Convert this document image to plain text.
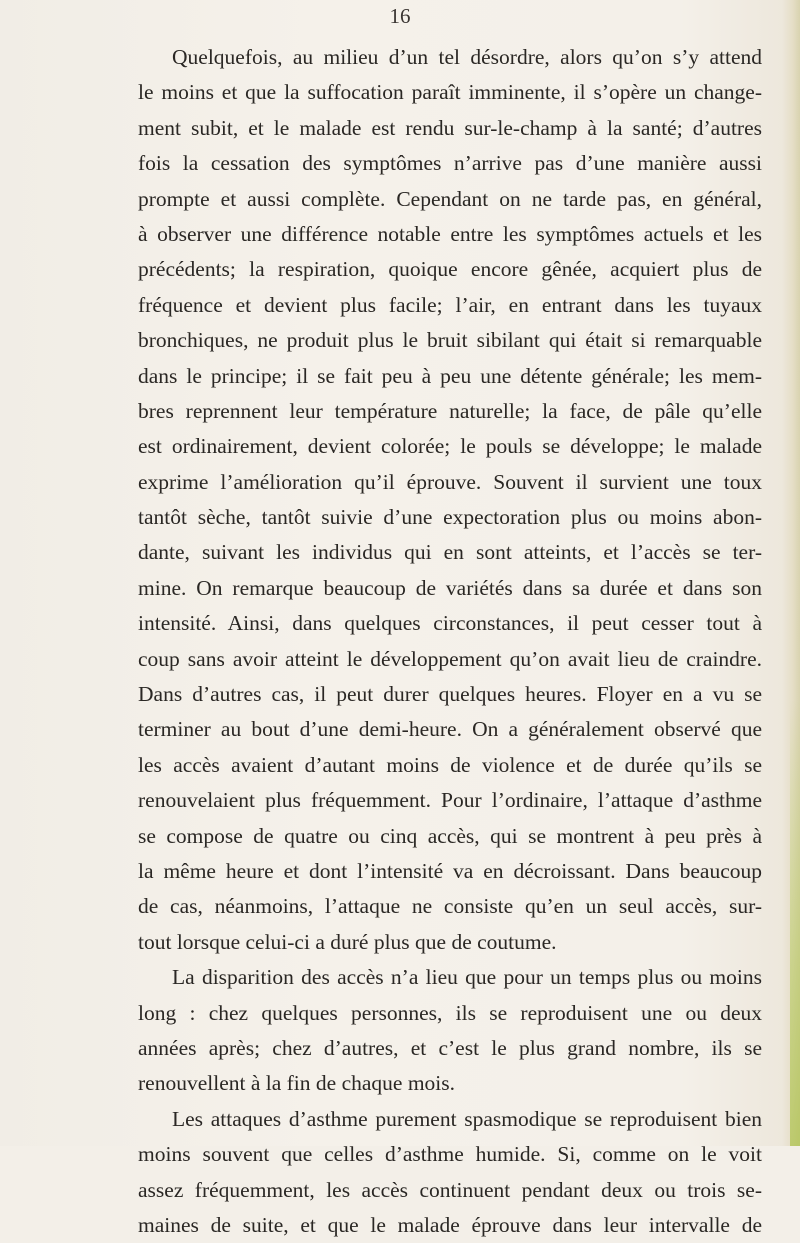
16
Quelquefois, au milieu d’un tel désordre, alors qu’on s’y attend
le moins et que la suffocation paraît imminente, il s’opère un change-
ment subit, et le malade est rendu sur-le-champ à la santé; d’autres
fois la cessation des symptômes n’arrive pas d’une manière aussi
prompte et aussi complète. Cependant on ne tarde pas, en général,
à observer une différence notable entre les symptômes actuels et les
précédents; la respiration, quoique encore gênée, acquiert plus de
fréquence et devient plus facile; l’air, en entrant dans les tuyaux
bronchiques, ne produit plus le bruit sibilant qui était si remarquable
dans le principe; il se fait peu à peu une détente générale; les mem-
bres reprennent leur température naturelle; la face, de pâle qu’elle
est ordinairement, devient colorée; le pouls se développe; le malade
exprime l’amélioration qu’il éprouve. Souvent il survient une toux
tantôt sèche, tantôt suivie d’une expectoration plus ou moins abon-
dante, suivant les individus qui en sont atteints, et l’accès se ter-
mine. On remarque beaucoup de variétés dans sa durée et dans son
intensité. Ainsi, dans quelques circonstances, il peut cesser tout à
coup sans avoir atteint le développement qu’on avait lieu de craindre.
Dans d’autres cas, il peut durer quelques heures. Floyer en a vu se
terminer au bout d’une demi-heure. On a généralement observé que
les accès avaient d’autant moins de violence et de durée qu’ils se
renouvelaient plus fréquemment. Pour l’ordinaire, l’attaque d’asthme
se compose de quatre ou cinq accès, qui se montrent à peu près à
la même heure et dont l’intensité va en décroissant. Dans beaucoup
de cas, néanmoins, l’attaque ne consiste qu’en un seul accès, sur-
tout lorsque celui-ci a duré plus que de coutume.
La disparition des accès n’a lieu que pour un temps plus ou moins
long : chez quelques personnes, ils se reproduisent une ou deux
années après; chez d’autres, et c’est le plus grand nombre, ils se
renouvellent à la fin de chaque mois.
Les attaques d’asthme purement spasmodique se reproduisent bien
moins souvent que celles d’asthme humide. Si, comme on le voit
assez fréquemment, les accès continuent pendant deux ou trois se-
maines de suite, et que le malade éprouve dans leur intervalle de
